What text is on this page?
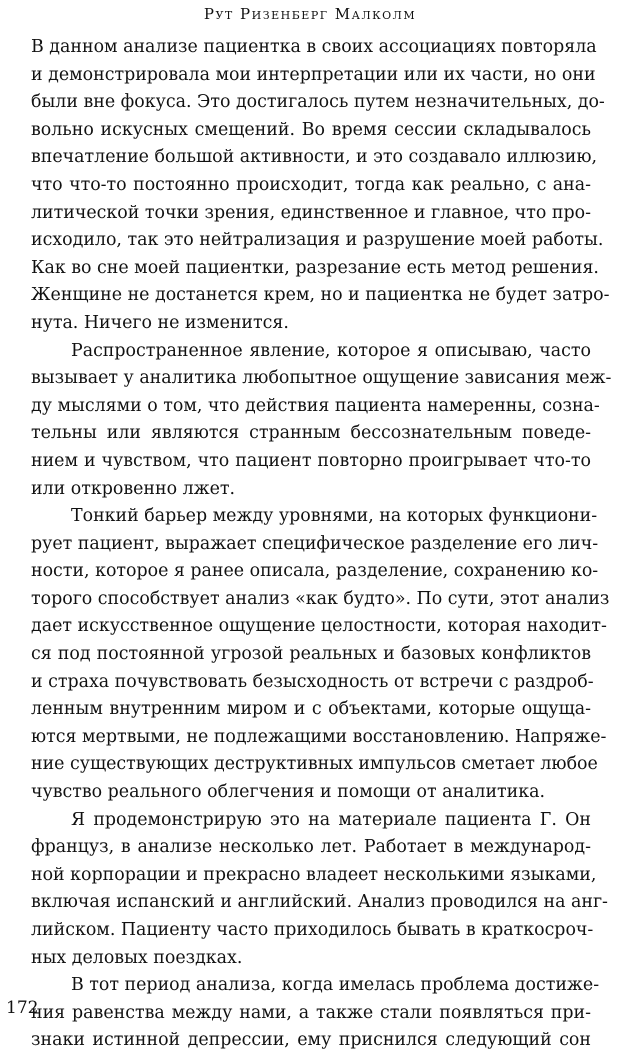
Рут Ризенберг Малколм
В данном анализе пациентка в своих ассоциациях повторяла
и демонстрировала мои интерпретации или их части, но они
были вне фокуса. Это достигалось путем незначительных, до-
вольно искусных смещений. Во время сессии складывалось
впечатление большой активности, и это создавало иллюзию,
что что-то постоянно происходит, тогда как реально, с ана-
литической точки зрения, единственное и главное, что про-
исходило, так это нейтрализация и разрушение моей работы.
Как во сне моей пациентки, разрезание есть метод решения.
Женщине не достанется крем, но и пациентка не будет затро-
нута. Ничего не изменится.
Распространенное явление, которое я описываю, часто
вызывает у аналитика любопытное ощущение зависания меж-
ду мыслями о том, что действия пациента намеренны, созна-
тельны или являются странным бессознательным поведе-
нием и чувством, что пациент повторно проигрывает что-то
или откровенно лжет.
Тонкий барьер между уровнями, на которых функциони-
рует пациент, выражает специфическое разделение его лич-
ности, которое я ранее описала, разделение, сохранению ко-
торого способствует анализ «как будто». По сути, этот анализ
дает искусственное ощущение целостности, которая находит-
ся под постоянной угрозой реальных и базовых конфликтов
и страха почувствовать безысходность от встречи с раздроб-
ленным внутренним миром и с объектами, которые ощуща-
ются мертвыми, не подлежащими восстановлению. Напряже-
ние существующих деструктивных импульсов сметает любое
чувство реального облегчения и помощи от аналитика.
Я продемонстрирую это на материале пациента Г. Он
француз, в анализе несколько лет. Работает в международ-
ной корпорации и прекрасно владеет несколькими языками,
включая испанский и английский. Анализ проводился на анг-
лийском. Пациенту часто приходилось бывать в краткосроч-
ных деловых поездках.
В тот период анализа, когда имелась проблема достиже-
ния равенства между нами, а также стали появляться при-
знаки истинной депрессии, ему приснился следующий сон
172
